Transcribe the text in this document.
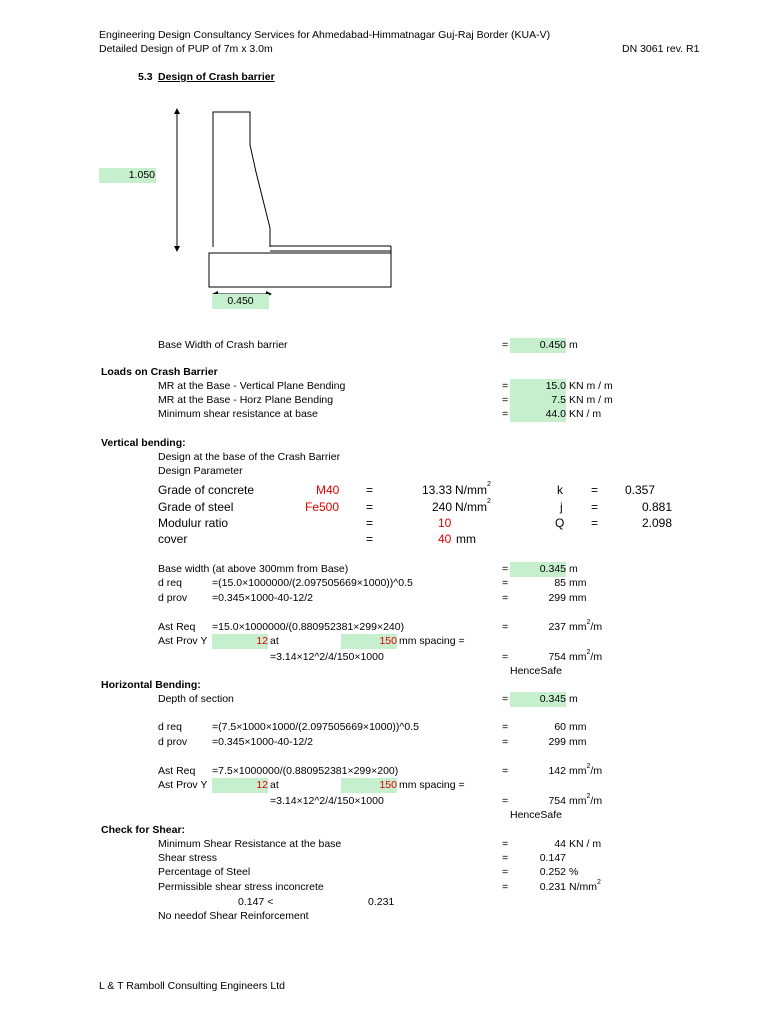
Engineering Design Consultancy Services for Ahmedabad-Himmatnagar Guj-Raj Border (KUA-V)
Detailed Design of PUP of 7m x 3.0m	DN 3061 rev. R1
5.3 Design of Crash barrier
1.050
0.450
Base Width of Crash barrier	=	0.450 m
Loads on Crash Barrier
MR at the Base - Vertical Plane Bending	=	15.0 KN m / m
MR at the Base - Horz Plane Bending	=	7.5 KN m / m
Minimum shear resistance at base	=	44.0 KN / m
Vertical bending:
Design at the base of the Crash Barrier
Design Parameter
Grade of concrete	M40 =	13.33 $N/mm^2$	k = 0.357
Grade of steel	Fe500 =	240 $N/mm^2$	j =	0.881
Modulur ratio	=	10	Q =	2.098
cover	=	40 mm
Base width (at above 300mm from Base)	=	0.345 m
d req	=(15.0×1000000/(2.097505669×1000))^0.5	=	85 mm
d prov =0.345×1000-40-12/2	=	299 mm
Ast Req =15.0×1000000/(0.880952381×299×240)	=	237 $mm^2/m$
Ast Prov Y	12 at	150 mm spacing =
=3.14×12^2/4/150×1000	=	754 $mm^2/m$
HenceSafe
Horizontal Bending:
Depth of section	=	0.345 m
d req	=(7.5×1000×1000/(2.097505669×1000))^0.5	=	60 mm
d prov =0.345×1000-40-12/2	=	299 mm
Ast Req =7.5×1000000/(0.880952381×299×200)	=	142 $mm^2/m$
Ast Prov Y	12 at	150 mm spacing =
=3.14×12^2/4/150×1000	=	754 $mm^2/m$
HenceSafe
Check for Shear:
Minimum Shear Resistance at the base	=	44 KN / m
Shear stress	=	0.147
Percentage of Steel	=	0.252 %
Permissible shear stress inconcrete	=	0.231 $N/mm^2$
0.147 <	0.231
No needof Shear Reinforcement
L & T Ramboll Consulting Engineers Ltd
